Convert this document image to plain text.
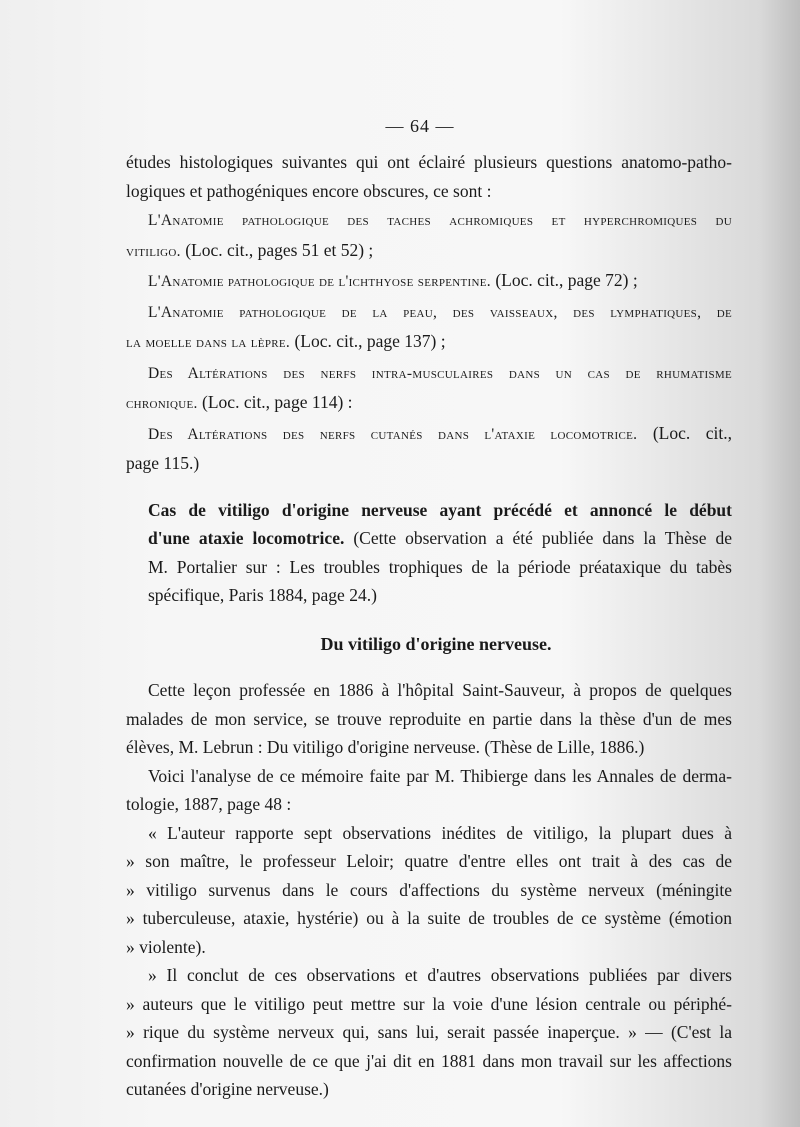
— 64 —
études histologiques suivantes qui ont éclairé plusieurs questions anatomo-patho-
logiques et pathogéniques encore obscures, ce sont :
L'Anatomie pathologique des taches achromiques et hyperchromiques du
vitiligo. (Loc. cit., pages 51 et 52) ;
L'Anatomie pathologique de l'ichthyose serpentine. (Loc. cit., page 72) ;
L'Anatomie pathologique de la peau, des vaisseaux, des lymphatiques, de
la moelle dans la lèpre. (Loc. cit., page 137) ;
Des Altérations des nerfs intra-musculaires dans un cas de rhumatisme
chronique. (Loc. cit., page 114) :
Des Altérations des nerfs cutanés dans l'ataxie locomotrice. (Loc. cit.,
page 115.)
Cas de vitiligo d'origine nerveuse ayant précédé et annoncé le début
d'une ataxie locomotrice. (Cette observation a été publiée dans la Thèse de
M. Portalier sur : Les troubles trophiques de la période préataxique du tabès
spécifique, Paris 1884, page 24.)
Du vitiligo d'origine nerveuse.
Cette leçon professée en 1886 à l'hôpital Saint-Sauveur, à propos de quelques
malades de mon service, se trouve reproduite en partie dans la thèse d'un de mes
élèves, M. Lebrun : Du vitiligo d'origine nerveuse. (Thèse de Lille, 1886.)
Voici l'analyse de ce mémoire faite par M. Thibierge dans les Annales de derma-
tologie, 1887, page 48 :
« L'auteur rapporte sept observations inédites de vitiligo, la plupart dues à
» son maître, le professeur Leloir; quatre d'entre elles ont trait à des cas de
» vitiligo survenus dans le cours d'affections du système nerveux (méningite
» tuberculeuse, ataxie, hystérie) ou à la suite de troubles de ce système (émotion
» violente).
» Il conclut de ces observations et d'autres observations publiées par divers
» auteurs que le vitiligo peut mettre sur la voie d'une lésion centrale ou périphé-
» rique du système nerveux qui, sans lui, serait passée inaperçue. » — (C'est la
confirmation nouvelle de ce que j'ai dit en 1881 dans mon travail sur les affections
cutanées d'origine nerveuse.)
